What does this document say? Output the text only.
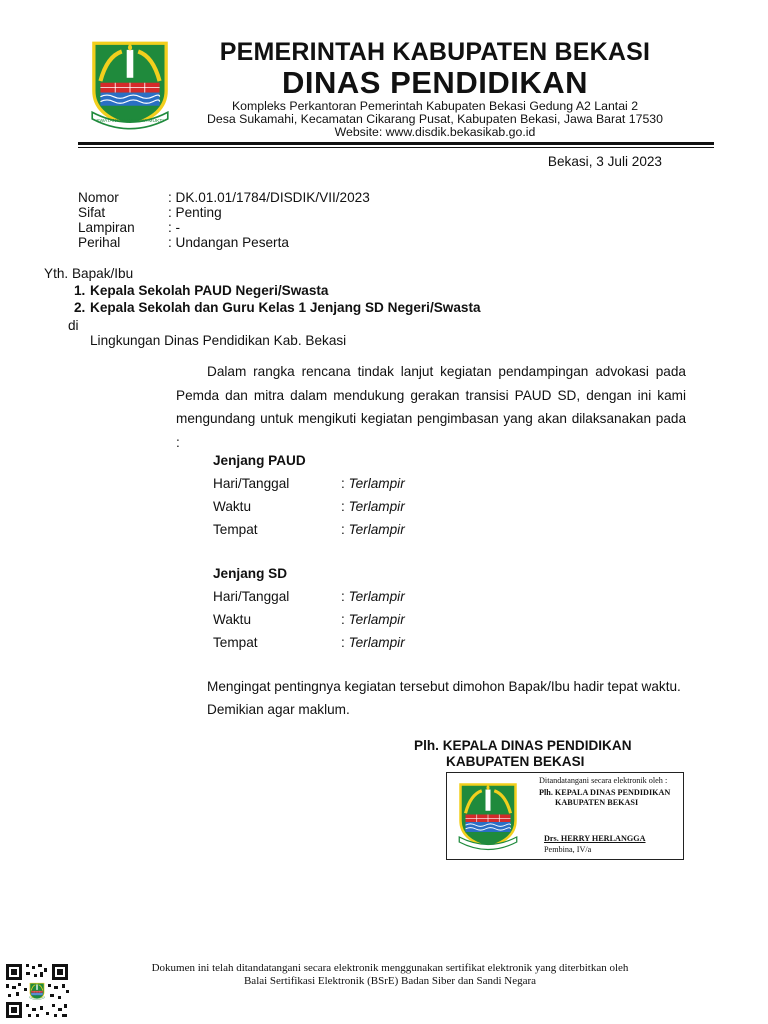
SWATANTRA WIBAWA MUKTI
PEMERINTAH KABUPATEN BEKASI
DINAS PENDIDIKAN
Kompleks Perkantoran Pemerintah Kabupaten Bekasi Gedung A2 Lantai 2
Desa Sukamahi, Kecamatan Cikarang Pusat, Kabupaten Bekasi, Jawa Barat 17530
Website: www.disdik.bekasikab.go.id
Bekasi, 3 Juli 2023
Nomor	: DK.01.01/1784/DISDIK/VII/2023
Sifat	: Penting
Lampiran	: -
Perihal	: Undangan Peserta
Yth. Bapak/Ibu
1. Kepala Sekolah PAUD Negeri/Swasta
2. Kepala Sekolah dan Guru Kelas 1 Jenjang SD Negeri/Swasta
di
Lingkungan Dinas Pendidikan Kab. Bekasi

Dalam rangka rencana tindak lanjut kegiatan pendampingan advokasi pada Pemda dan mitra dalam mendukung gerakan transisi PAUD SD, dengan ini kami mengundang untuk mengikuti kegiatan pengimbasan yang akan dilaksanakan pada :

Jenjang PAUD
Hari/Tanggal	:
Terlampir
Waktu	:
Terlampir
Tempat	:
Terlampir
Jenjang SD
Hari/Tanggal	:
Terlampir
Waktu	:
Terlampir
Tempat	:
Terlampir

Mengingat pentingnya kegiatan tersebut dimohon Bapak/Ibu hadir tepat waktu.

Demikian agar maklum.

Plh. KEPALA DINAS PENDIDIKAN
KABUPATEN BEKASI
Ditandatangani secara elektronik oleh :
Plh. KEPALA DINAS PENDIDIKAN
KABUPATEN BEKASI
Drs. HERRY HERLANGGA
Pembina, IV/a
Dokumen ini telah ditandatangani secara elektronik menggunakan sertifikat elektronik yang diterbitkan oleh
Balai Sertifikasi Elektronik (BSrE) Badan Siber dan Sandi Negara
